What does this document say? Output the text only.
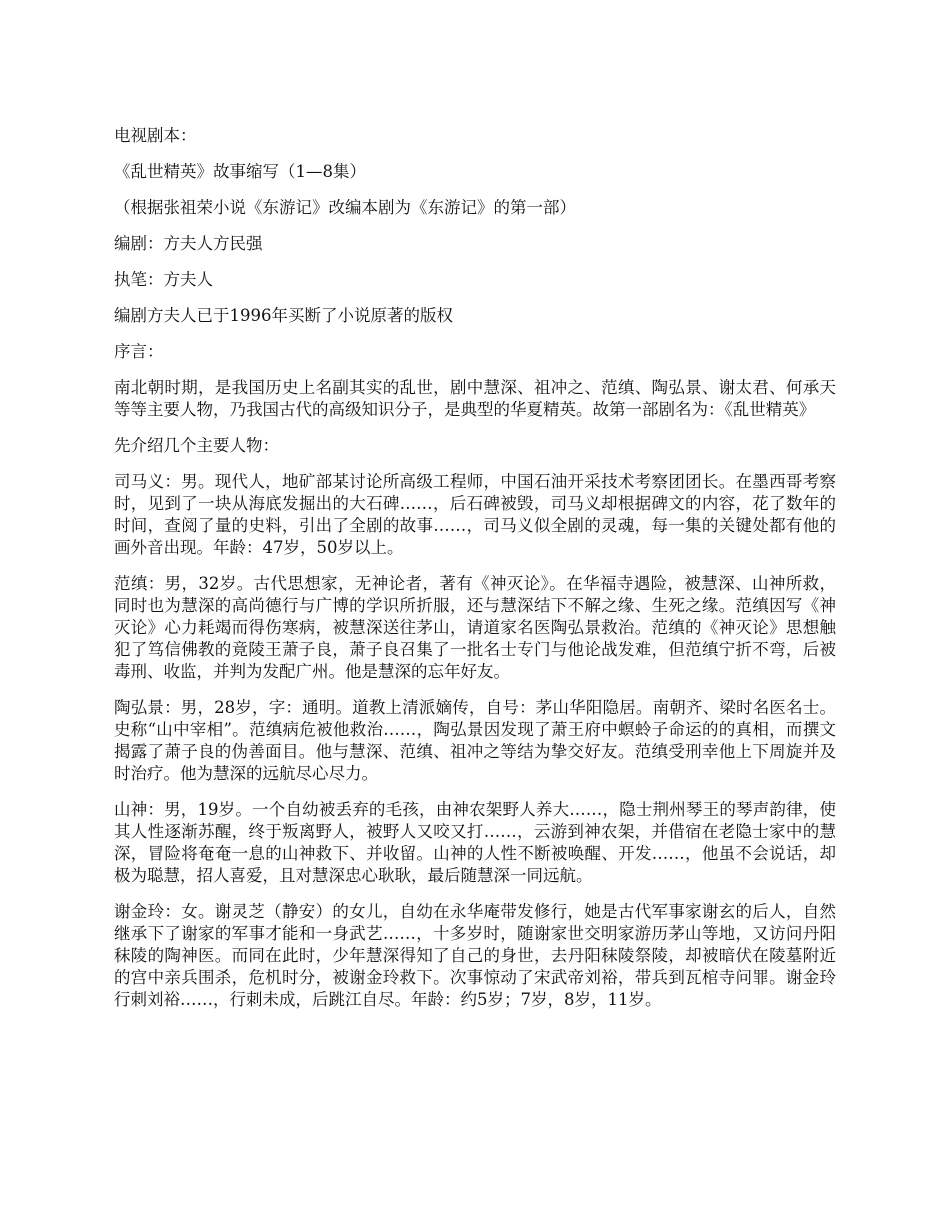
电视剧本：

《乱世精英》故事缩写（1—8集）

（根据张祖荣小说《东游记》改编本剧为《东游记》的第一部）

编剧：方夫人方民强

执笔：方夫人

编剧方夫人已于1996年买断了小说原著的版权

序言：

南北朝时期，是我国历史上名副其实的乱世，剧中慧深、祖冲之、范缜、陶弘景、谢太君、何承天等等主要人物，乃我国古代的高级知识分子，是典型的华夏精英。故第一部剧名为：《乱世精英》

先介绍几个主要人物：

司马义：男。现代人，地矿部某讨论所高级工程师，中国石油开采技术考察团团长。在墨西哥考察时，见到了一块从海底发掘出的大石碑……，后石碑被毁，司马义却根据碑文的内容，花了数年的时间，查阅了量的史料，引出了全剧的故事……，司马义似全剧的灵魂，每一集的关键处都有他的画外音出现。年龄：47岁，50岁以上。

范缜：男，32岁。古代思想家，无神论者，著有《神灭论》。在华福寺遇险，被慧深、山神所救，同时也为慧深的高尚德行与广博的学识所折服，还与慧深结下不解之缘、生死之缘。范缜因写《神灭论》心力耗竭而得伤寒病，被慧深送往茅山，请道家名医陶弘景救治。范缜的《神灭论》思想触犯了笃信佛教的竟陵王萧子良，萧子良召集了一批名士专门与他论战发难，但范缜宁折不弯，后被毒刑、收监，并判为发配广州。他是慧深的忘年好友。

陶弘景：男，28岁，字：通明。道教上清派嫡传，自号：茅山华阳隐居。南朝齐、梁时名医名士。史称“山中宰相”。范缜病危被他救治……，陶弘景因发现了萧王府中螟蛉子命运的的真相，而撰文揭露了萧子良的伪善面目。他与慧深、范缜、祖冲之等结为挚交好友。范缜受刑幸他上下周旋并及时治疗。他为慧深的远航尽心尽力。

山神：男，19岁。一个自幼被丢弃的毛孩，由神农架野人养大……，隐士荆州琴王的琴声韵律，使其人性逐渐苏醒，终于叛离野人，被野人又咬又打……，云游到神农架，并借宿在老隐士家中的慧深，冒险将奄奄一息的山神救下、并收留。山神的人性不断被唤醒、开发……，他虽不会说话，却极为聪慧，招人喜爱，且对慧深忠心耿耿，最后随慧深一同远航。

谢金玲：女。谢灵芝（静安）的女儿，自幼在永华庵带发修行，她是古代军事家谢玄的后人，自然继承下了谢家的军事才能和一身武艺……，十多岁时，随谢家世交明家游历茅山等地，又访问丹阳秣陵的陶神医。而同在此时，少年慧深得知了自己的身世，去丹阳秣陵祭陵，却被暗伏在陵墓附近的宫中亲兵围杀，危机时分，被谢金玲救下。次事惊动了宋武帝刘裕，带兵到瓦棺寺问罪。谢金玲行刺刘裕……，行刺未成，后跳江自尽。年龄：约5岁；7岁，8岁，11岁。
